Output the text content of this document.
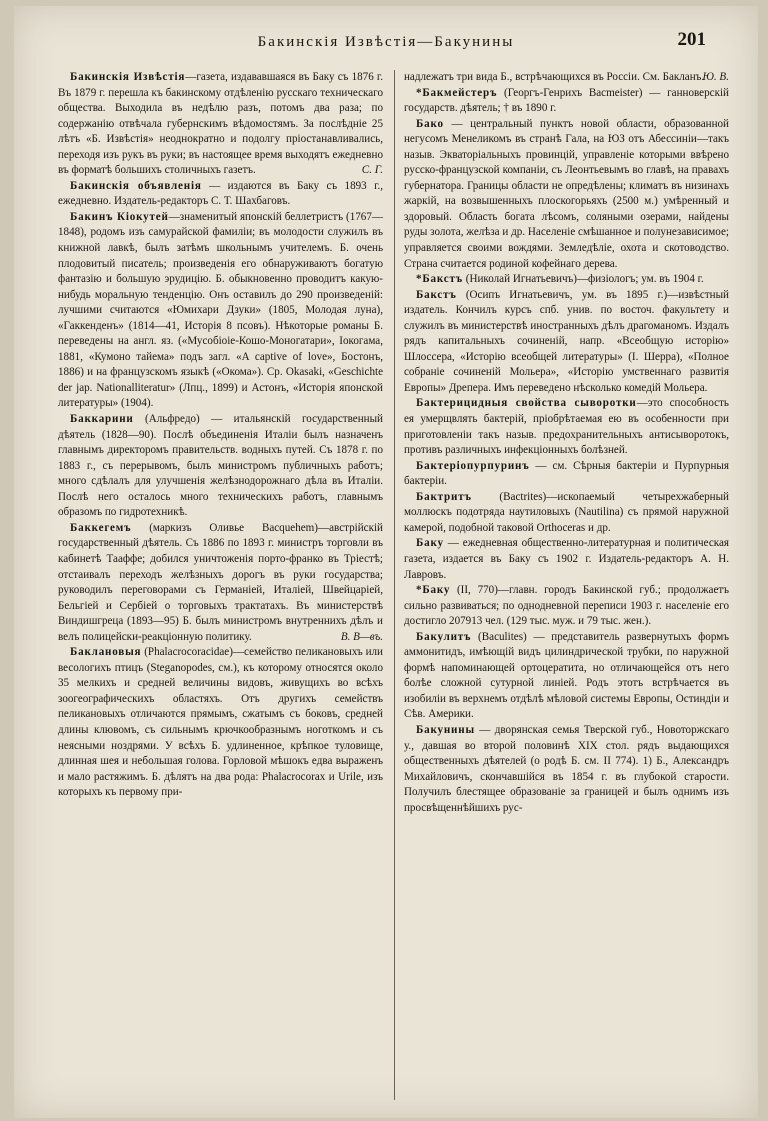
Бакинскія Извѣстія—Бакунины	201

Бакинскія Извѣстія—газета, издававшаяся въ Баку съ 1876 г. Въ 1879 г. перешла къ бакинскому отдѣленію русскаго техническаго общества. Выходила въ недѣлю разъ, потомъ два раза; по содержанію отвѣчала губернскимъ вѣдомостямъ. За послѣдніе 25 лѣтъ «Б. Извѣстія» неоднократно и подолгу пріостанавливались, переходя изъ рукъ въ руки; въ настоящее время выходятъ ежедневно въ форматѣ большихъ столичныхъ газетъ.	С. Г.

Бакинскія объявленія — издаются въ Баку съ 1893 г., ежедневно. Издатель-редакторъ С. Т. Шахбаговъ.

Бакинъ Кіокутей—знаменитый японскій беллетристъ (1767—1848), родомъ изъ самурайской фамиліи; въ молодости служилъ въ книжной лавкѣ, былъ затѣмъ школьнымъ учителемъ. Б. очень плодовитый писатель; произведенія его обнаруживаютъ богатую фантазію и большую эрудицію. Б. обыкновенно проводитъ какую-нибудь моральную тенденцію. Онъ оставилъ до 290 произведеній: лучшими считаются «Юмихари Дзуки» (1805, Молодая луна), «Гаккенденъ» (1814—41, Исторія 8 псовъ). Нѣкоторые романы Б. переведены на англ. яз. («Мусобіоіе-Кошо-Моногатари», Іокогама, 1881, «Кумоно тайема» подъ загл. «A captive of love», Бостонъ, 1886) и на французскомъ языкѣ («Окома»). Ср. Okasaki, «Geschichte der jap. Nationalliteratur» (Лпц., 1899) и Астонъ, «Исторія японской литературы» (1904).

Баккарини (Альфредо) — итальянскій государственный дѣятель (1828—90). Послѣ объединенія Италіи былъ назначенъ главнымъ директоромъ правительств. водныхъ путей. Съ 1878 г. по 1883 г., съ перерывомъ, былъ министромъ публичныхъ работъ; много сдѣлалъ для улучшенія желѣзнодорожнаго дѣла въ Италіи. Послѣ него осталось много техническихъ работъ, главнымъ образомъ по гидротехникѣ.

Баккегемъ (маркизъ Оливье Bacquehem)—австрійскій государственный дѣятель. Съ 1886 по 1893 г. министръ торговли въ кабинетѣ Тааффе; добился уничтоженія порто-франко въ Тріестѣ; отстаивалъ переходъ желѣзныхъ дорогъ въ руки государства; руководилъ переговорами съ Германіей, Италіей, Швейцаріей, Бельгіей и Сербіей о торговыхъ трактатахъ. Въ министерствѣ Виндишгреца (1893—95) Б. былъ министромъ внутреннихъ дѣлъ и велъ полицейски-реакціонную политику.	В. В—въ.

Баклановыя (Phalacrocoracidae)—семейство пеликановыхъ или весологихъ птицъ (Steganopodes, см.), къ которому относятся около 35 мелкихъ и средней величины видовъ, живущихъ во всѣхъ зоогеографическихъ областяхъ. Отъ другихъ семействъ пеликановыхъ отличаются прямымъ, сжатымъ съ боковъ, средней длины клювомъ, съ сильнымъ крючкообразнымъ ноготкомъ и съ неясными ноздрями. У всѣхъ Б. удлиненное, крѣпкое туловище, длинная шея и небольшая голова. Горловой мѣшокъ едва выраженъ и мало растяжимъ. Б. дѣлятъ на два рода: Phalacrocorax и Urile, изъ которыхъ къ первому при-

надлежатъ три вида Б., встрѣчающихся въ Россіи. См. Бакланъ.
Ю. В.

*Бакмейстеръ (Георгъ-Генрихъ Bacmeister) — ганноверскій государств. дѣятель; † въ 1890 г.

Бако — центральный пунктъ новой области, образованной негусомъ Менеликомъ въ странѣ Гала, на ЮЗ отъ Абессиніи—такъ назыв. Экваторіальныхъ провинцій, управленіе которыми ввѣрено русско-французской компаніи, съ Леонтьевымъ во главѣ, на правахъ губернатора. Границы области не опредѣлены; климатъ въ низинахъ жаркій, на возвышенныхъ плоскогорьяхъ (2500 м.) умѣренный и здоровый. Область богата лѣсомъ, соляными озерами, найдены руды золота, желѣза и др. Населеніе смѣшанное и полунезависимое; управляется своими вождями. Земледѣліе, охота и скотоводство. Страна считается родиной кофейнаго дерева.

*Бакстъ (Николай Игнатьевичъ)—физіологъ; ум. въ 1904 г.

Бакстъ (Осипъ Игнатьевичъ, ум. въ 1895 г.)—извѣстный издатель. Кончилъ курсъ спб. унив. по восточ. факультету и служилъ въ министерствѣ иностранныхъ дѣлъ драгоманомъ. Издалъ рядъ капитальныхъ сочиненій, напр. «Всеобщую исторію» Шлоссера, «Исторію всеобщей литературы» (І. Шерра), «Полное собраніе сочиненій Мольера», «Исторію умственнаго развитія Европы» Дрепера. Имъ переведено нѣсколько комедій Мольера.

Бактерицидныя свойства сыворотки—это способность ея умерщвлять бактерій, пріобрѣтаемая ею въ особенности при приготовленіи такъ назыв. предохранительныхъ антисыворотокъ, противъ различныхъ инфекціонныхъ болѣзней.

Бактеріопурпуринъ — см. Сѣрныя бактеріи и Пурпурныя бактеріи.

Бактритъ (Bactrites)—ископаемый четырехжаберный моллюскъ подотряда наутиловыхъ (Nautilina) съ прямой наружной камерой, подобной таковой Orthoceras и др.

Баку — ежедневная общественно-литературная и политическая газета, издается въ Баку съ 1902 г. Издатель-редакторъ А. Н. Лавровъ.

*Баку (II, 770)—главн. городъ Бакинской губ.; продолжаетъ сильно развиваться; по однодневной переписи 1903 г. населеніе его достигло 207913 чел. (129 тыс. муж. и 79 тыс. жен.).

Бакулитъ (Baculites) — представитель развернутыхъ формъ аммонитидъ, имѣющій видъ цилиндрической трубки, по наружной формѣ напоминающей ортоцератита, но отличающейся отъ него болѣе сложной сутурной линіей. Родъ этотъ встрѣчается въ изобиліи въ верхнемъ отдѣлѣ мѣловой системы Европы, Остиндіи и Сѣв. Америки.

Бакунины — дворянская семья Тверской губ., Новоторжскаго у., давшая во второй половинѣ XIX стол. рядъ выдающихся общественныхъ дѣятелей (о родѣ Б. см. II 774). 1) Б., Александръ Михайловичъ, скончавшійся въ 1854 г. въ глубокой старости. Получилъ блестящее образованіе за границей и былъ однимъ изъ просвѣщеннѣйшихъ рус-
